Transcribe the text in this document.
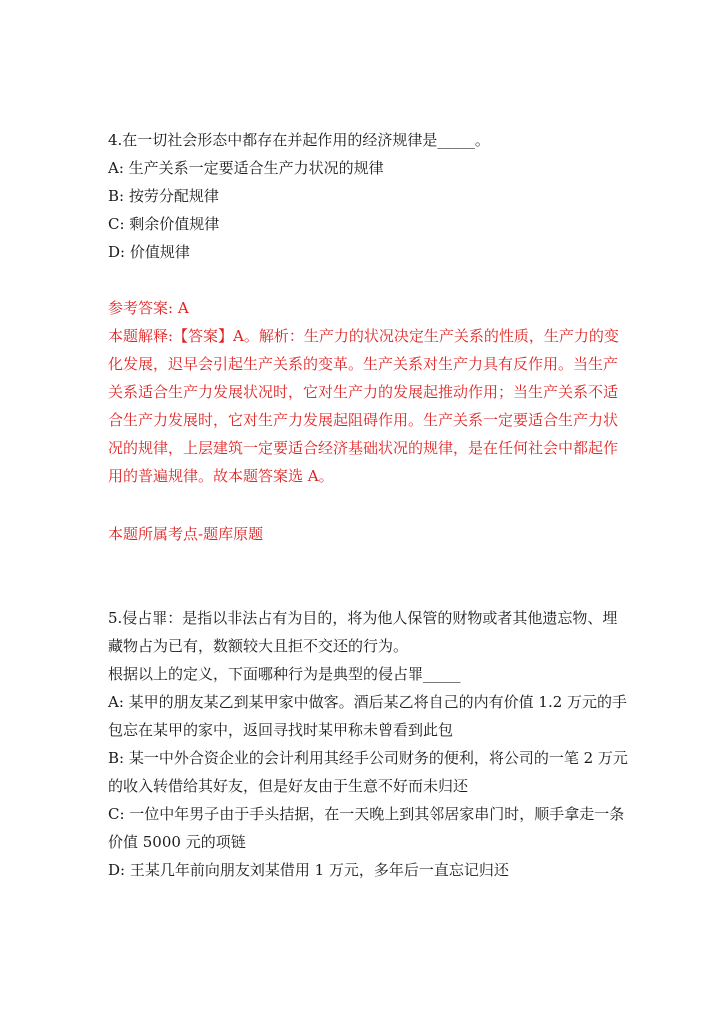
4.在一切社会形态中都存在并起作用的经济规律是_____。
A: 生产关系一定要适合生产力状况的规律
B: 按劳分配规律
C: 剩余价值规律
D: 价值规律
参考答案: A
本题解释:【答案】A。解析：生产力的状况决定生产关系的性质，生产力的变
化发展，迟早会引起生产关系的变革。生产关系对生产力具有反作用。当生产
关系适合生产力发展状况时，它对生产力的发展起推动作用；当生产关系不适
合生产力发展时，它对生产力发展起阻碍作用。生产关系一定要适合生产力状
况的规律，上层建筑一定要适合经济基础状况的规律，是在任何社会中都起作
用的普遍规律。故本题答案选 A。
本题所属考点-题库原题
5.侵占罪：是指以非法占有为目的，将为他人保管的财物或者其他遗忘物、埋
藏物占为已有，数额较大且拒不交还的行为。
根据以上的定义，下面哪种行为是典型的侵占罪_____
A: 某甲的朋友某乙到某甲家中做客。酒后某乙将自己的内有价值 1.2 万元的手
包忘在某甲的家中，返回寻找时某甲称未曾看到此包
B: 某一中外合资企业的会计利用其经手公司财务的便利，将公司的一笔 2 万元
的收入转借给其好友，但是好友由于生意不好而未归还
C: 一位中年男子由于手头拮据，在一天晚上到其邻居家串门时，顺手拿走一条
价值 5000 元的项链
D: 王某几年前向朋友刘某借用 1 万元，多年后一直忘记归还
